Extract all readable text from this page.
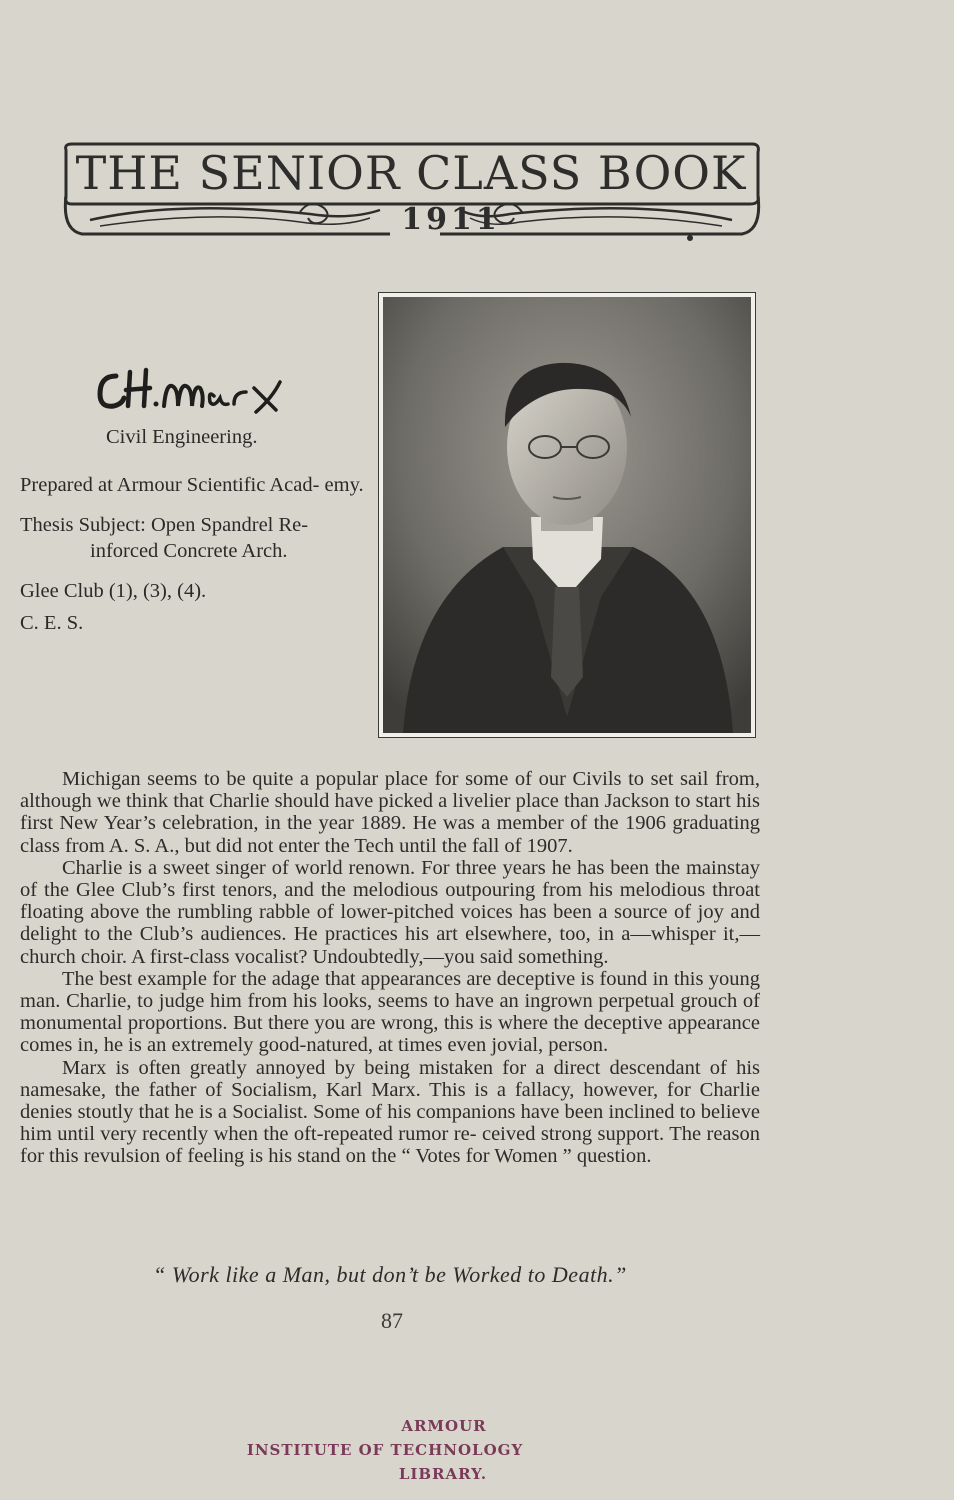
THE SENIOR CLASS BOOK
1911
C.H. Marx
Civil Engineering.
Prepared at Armour Scientific Acad- emy.
Thesis Subject: Open Spandrel Re- inforced Concrete Arch.
Glee Club (1), (3), (4).
C. E. S.

Michigan seems to be quite a popular place for some of our Civils to set sail from, although we think that Charlie should have picked a livelier place than Jackson to start his first New Year’s celebration, in the year 1889. He was a member of the 1906 graduating class from A. S. A., but did not enter the Tech until the fall of 1907.

Charlie is a sweet singer of world renown. For three years he has been the mainstay of the Glee Club’s first tenors, and the melodious outpouring from his melodious throat floating above the rumbling rabble of lower-pitched voices has been a source of joy and delight to the Club’s audiences. He practices his art elsewhere, too, in a—whisper it,—church choir. A first-class vocalist? Undoubtedly,—you said something.

The best example for the adage that appearances are deceptive is found in this young man. Charlie, to judge him from his looks, seems to have an ingrown perpetual grouch of monumental proportions. But there you are wrong, this is where the deceptive appearance comes in, he is an extremely good-natured, at times even jovial, person.

Marx is often greatly annoyed by being mistaken for a direct descendant of his namesake, the father of Socialism, Karl Marx. This is a fallacy, however, for Charlie denies stoutly that he is a Socialist. Some of his companions have been inclined to believe him until very recently when the oft-repeated rumor re- ceived strong support. The reason for this revulsion of feeling is his stand on the “ Votes for Women ” question.

“ Work like a Man, but don’t be Worked to Death.”
87
ARMOUR
INSTITUTE OF TECHNOLOGY
LIBRARY.
